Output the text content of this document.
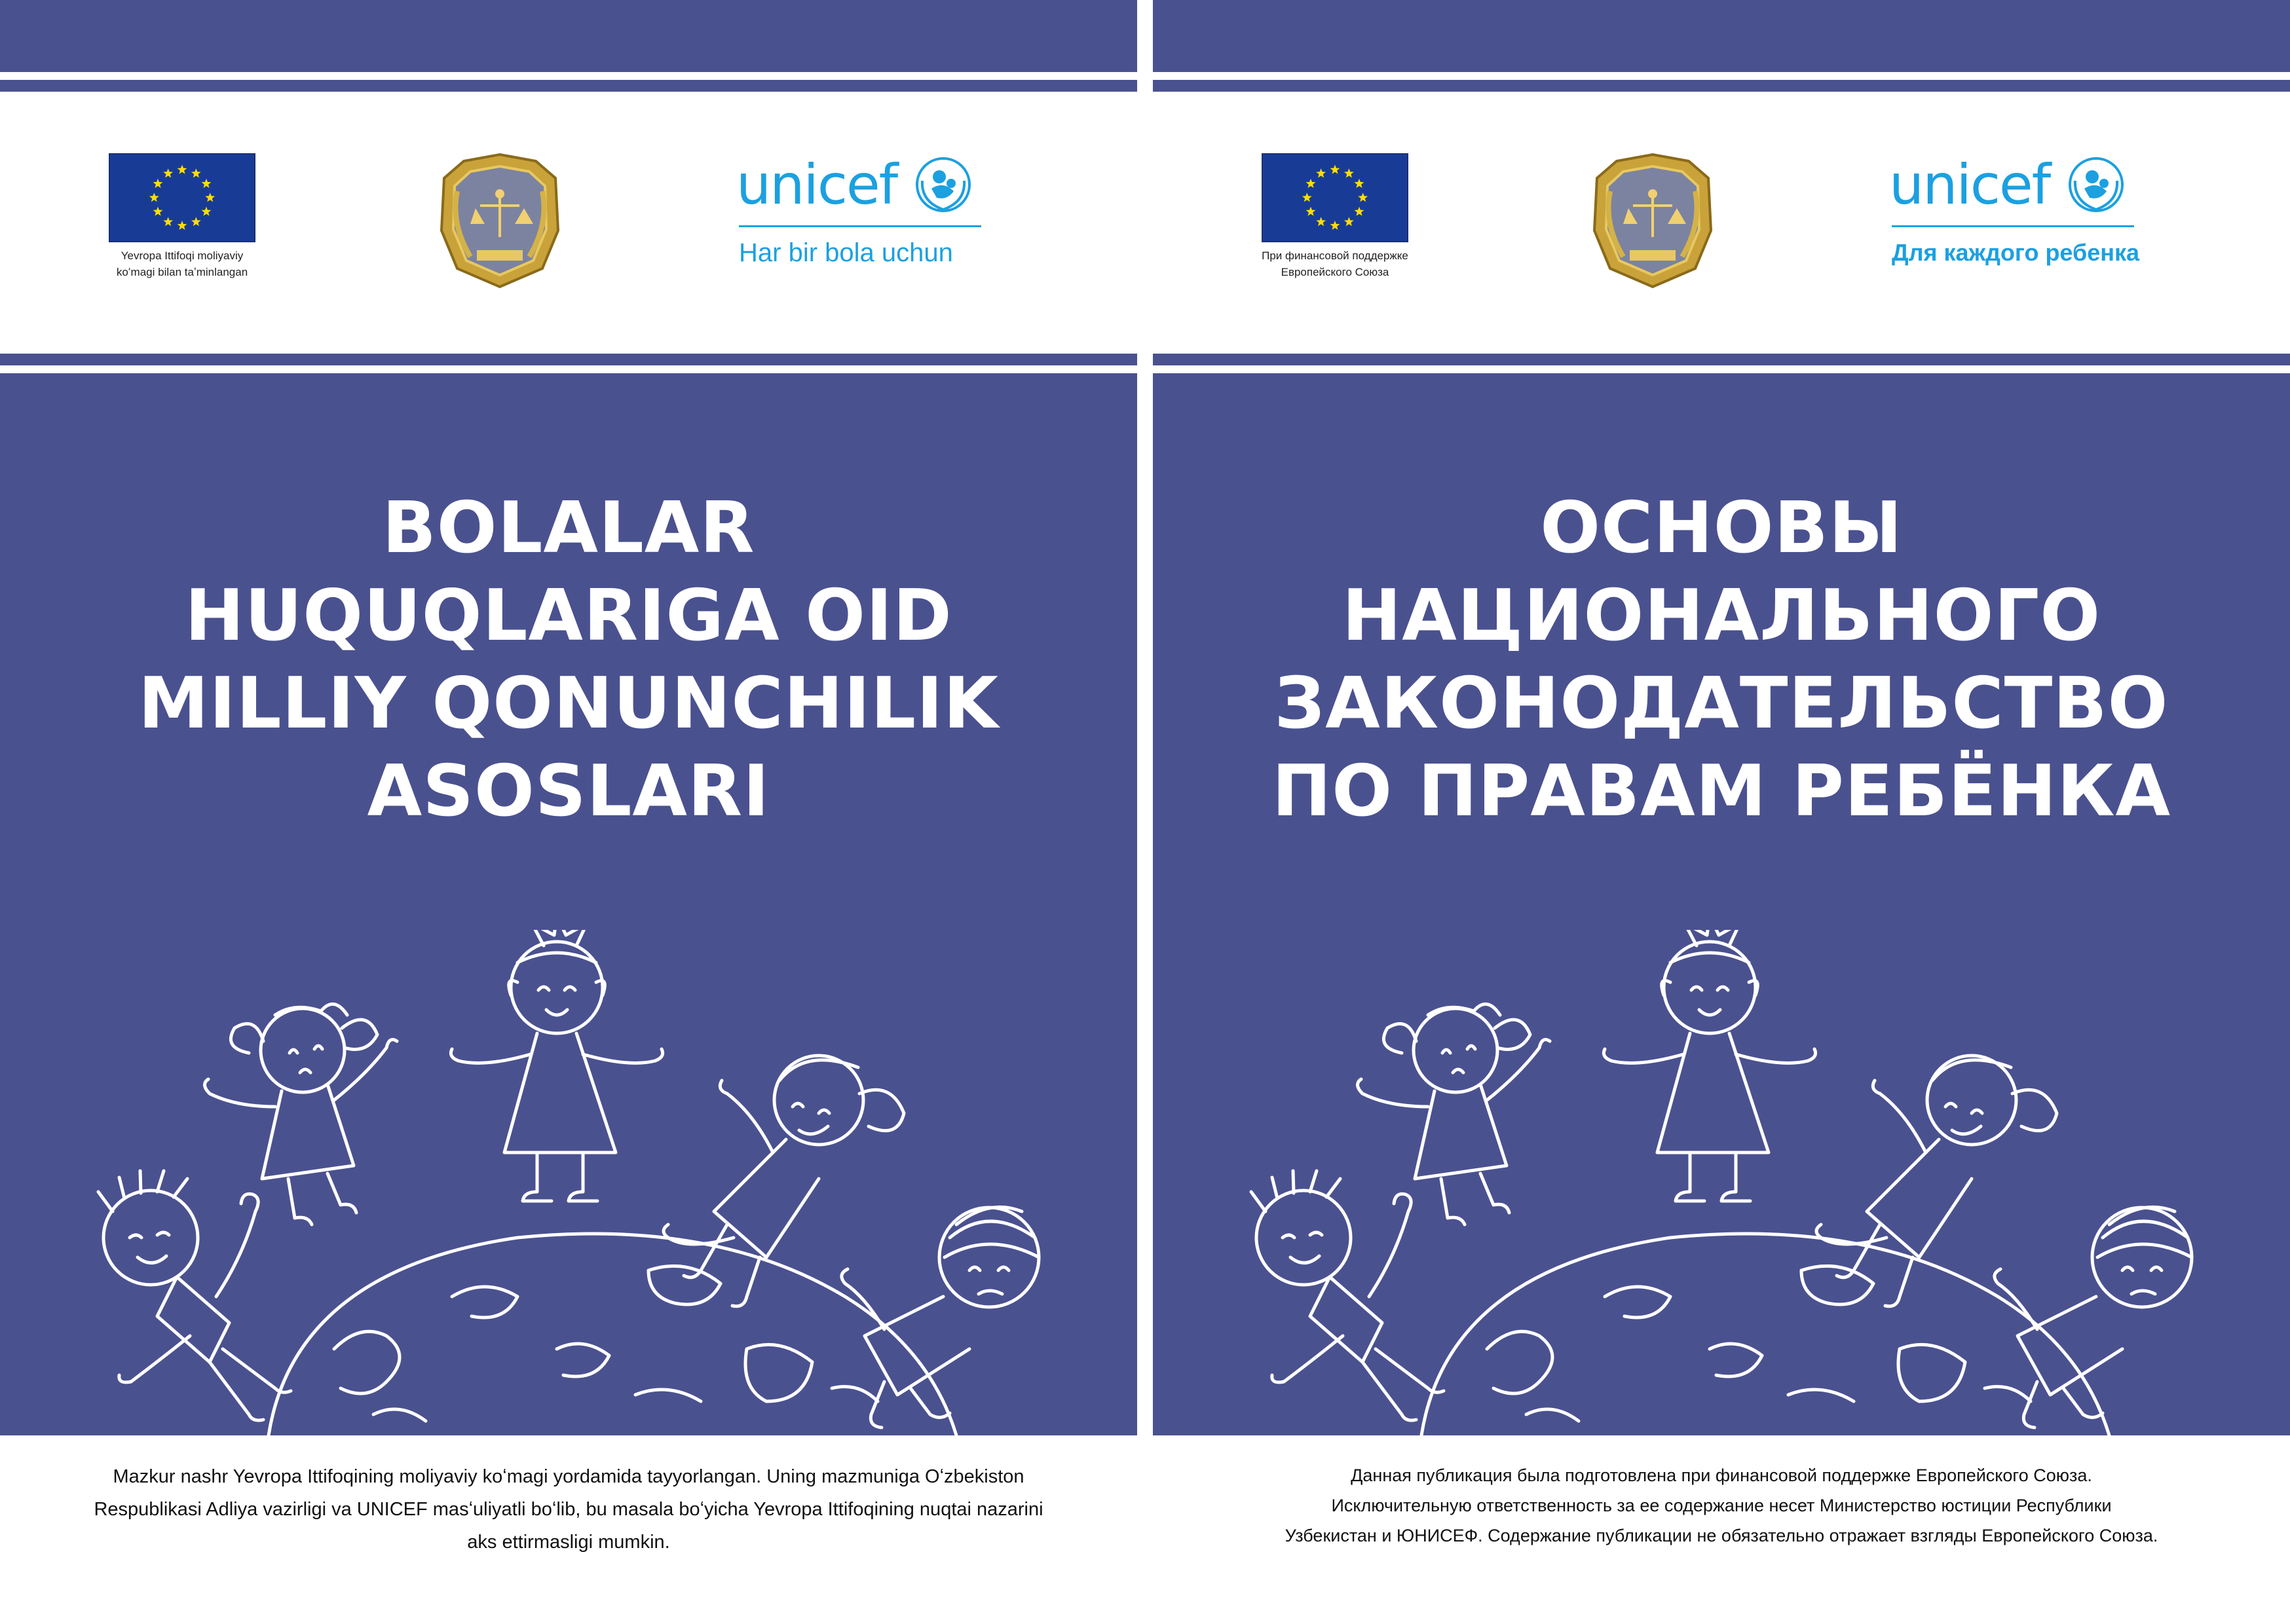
Yevropa Ittifoqi moliyaviy
koʻmagi bilan taʼminlangan
unicef
Har bir bola uchun
BOLALAR
HUQUQLARIGA OID
MILLIY QONUNCHILIK
ASOSLARI
Mazkur nashr Yevropa Ittifoqining moliyaviy koʻmagi yordamida tayyorlangan. Uning mazmuniga Oʻzbekiston
Respublikasi Adliya vazirligi va UNICEF masʻuliyatli boʻlib, bu masala boʻyicha Yevropa Ittifoqining nuqtai nazarini
aks ettirmasligi mumkin.
При финансовой поддержке
Европейского Союза
unicef
Для каждого ребенка
ОСНОВЫ
НАЦИОНАЛЬНОГО
ЗАКОНОДАТЕЛЬСТВО
ПО ПРАВАМ РЕБЁНКА
Данная публикация была подготовлена при финансовой поддержке Европейского Союза.
Исключительную ответственность за ее содержание несет Министерство юстиции Республики
Узбекистан и ЮНИСЕФ. Содержание публикации не обязательно отражает взгляды Европейского Союза.
